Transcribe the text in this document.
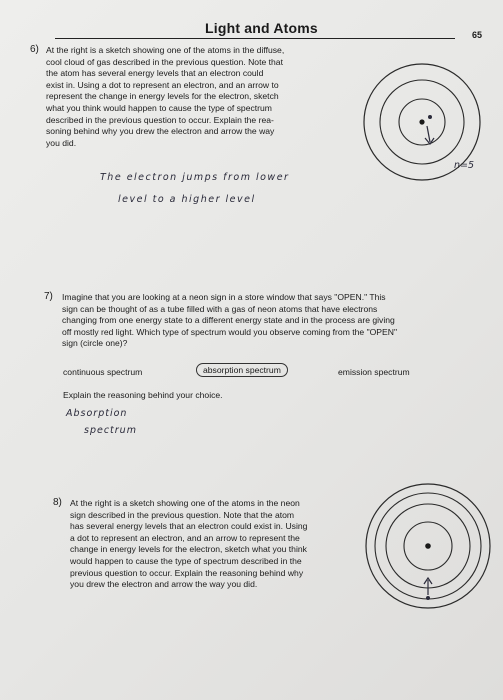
Light and Atoms	65
6) At the right is a sketch showing one of the atoms in the diffuse,
cool cloud of gas described in the previous question. Note that
the atom has several energy levels that an electron could
exist in. Using a dot to represent an electron, and an arrow to
represent the change in energy levels for the electron, sketch
what you think would happen to cause the type of spectrum
described in the previous question to occur. Explain the rea-
soning behind why you drew the electron and arrow the way
you did.
The electron jumps from lower
level to a higher level
n=5
7) Imagine that you are looking at a neon sign in a store window that says "OPEN." This
sign can be thought of as a tube filled with a gas of neon atoms that have electrons
changing from one energy state to a different energy state and in the process are giving
off mostly red light. Which type of spectrum would you observe coming from the "OPEN"
sign (circle one)?
continuous spectrum	absorption spectrum	emission spectrum
Explain the reasoning behind your choice.
Absorption
spectrum
8) At the right is a sketch showing one of the atoms in the neon
sign described in the previous question. Note that the atom
has several energy levels that an electron could exist in. Using
a dot to represent an electron, and an arrow to represent the
change in energy levels for the electron, sketch what you think
would happen to cause the type of spectrum described in the
previous question to occur. Explain the reasoning behind why
you drew the electron and arrow the way you did.
